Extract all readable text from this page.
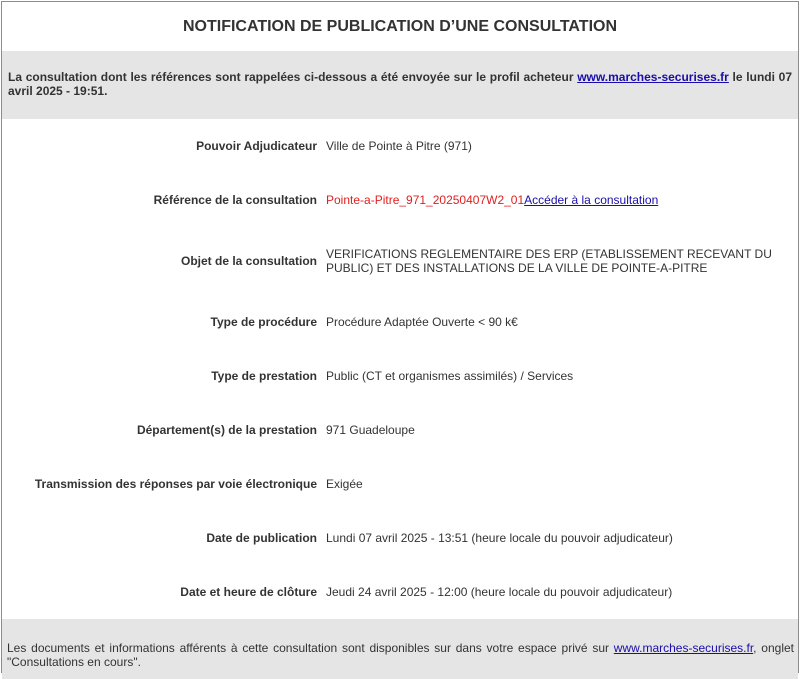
NOTIFICATION DE PUBLICATION D’UNE CONSULTATION
La consultation dont les références sont rappelées ci-dessous a été envoyée sur le profil acheteur www.marches-securises.fr le lundi 07 avril 2025 - 19:51.
Pouvoir Adjudicateur Ville de Pointe à Pitre (971)
Référence de la consultation Pointe-a-Pitre_971_20250407W2_01Accéder à la consultation
Objet de la consultation VERIFICATIONS REGLEMENTAIRE DES ERP (ETABLISSEMENT RECEVANT DU PUBLIC) ET DES INSTALLATIONS DE LA VILLE DE POINTE-A-PITRE
Type de procédure Procédure Adaptée Ouverte < 90 k€
Type de prestation Public (CT et organismes assimilés) / Services
Département(s) de la prestation 971 Guadeloupe
Transmission des réponses par voie électronique Exigée
Date de publication Lundi 07 avril 2025 - 13:51 (heure locale du pouvoir adjudicateur)
Date et heure de clôture Jeudi 24 avril 2025 - 12:00 (heure locale du pouvoir adjudicateur)
Les documents et informations afférents à cette consultation sont disponibles sur dans votre espace privé sur www.marches-securises.fr, onglet "Consultations en cours".
